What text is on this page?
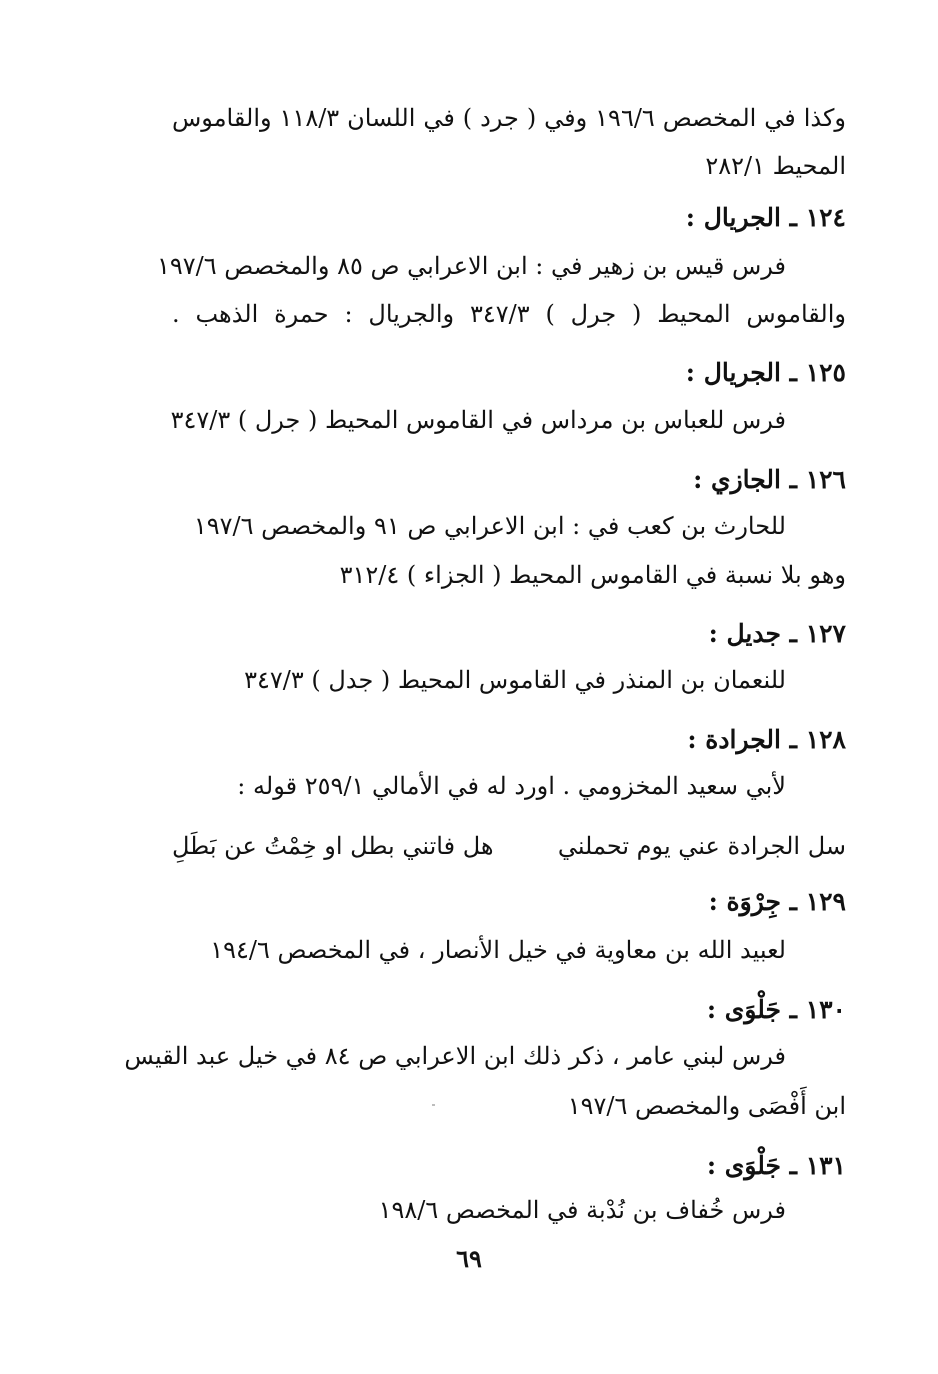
وكذا في المخصص ١٩٦/٦ وفي ( جرد ) في اللسان ١١٨/٣ والقاموس
المحيط ٢٨٢/١
١٢٤ ـ الجريال :
فرس قيس بن زهير في : ابن الاعرابي ص ٨٥ والمخصص ١٩٧/٦
والقاموس المحيط ( جرل ) ٣٤٧/٣ والجريال : حمرة الذهب .
١٢٥ ـ الجريال :
فرس للعباس بن مرداس في القاموس المحيط ( جرل ) ٣٤٧/٣
١٢٦ ـ الجازي :
للحارث بن كعب في : ابن الاعرابي ص ٩١ والمخصص ١٩٧/٦
وهو بلا نسبة في القاموس المحيط ( الجزاء ) ٣١٢/٤
١٢٧ ـ جديل :
للنعمان بن المنذر في القاموس المحيط ( جدل ) ٣٤٧/٣
١٢٨ ـ الجرادة :
لأبي سعيد المخزومي . اورد له في الأمالي ٢٥٩/١ قوله :
سل الجرادة عني يوم تحملني
هل فاتني بطل او خِمْتُ عن بَطَلِ
١٢٩ ـ جِرْوَة :
لعبيد الله بن معاوية في خيل الأنصار ، في المخصص ١٩٤/٦
١٣٠ ـ جَلْوَى :
فرس لبني عامر ، ذكر ذلك ابن الاعرابي ص ٨٤ في خيل عبد القيس
ابن أَفْصَى والمخصص ١٩٧/٦
١٣١ ـ جَلْوَى :
فرس خُفاف بن نُدْبة في المخصص ١٩٨/٦
٦٩
